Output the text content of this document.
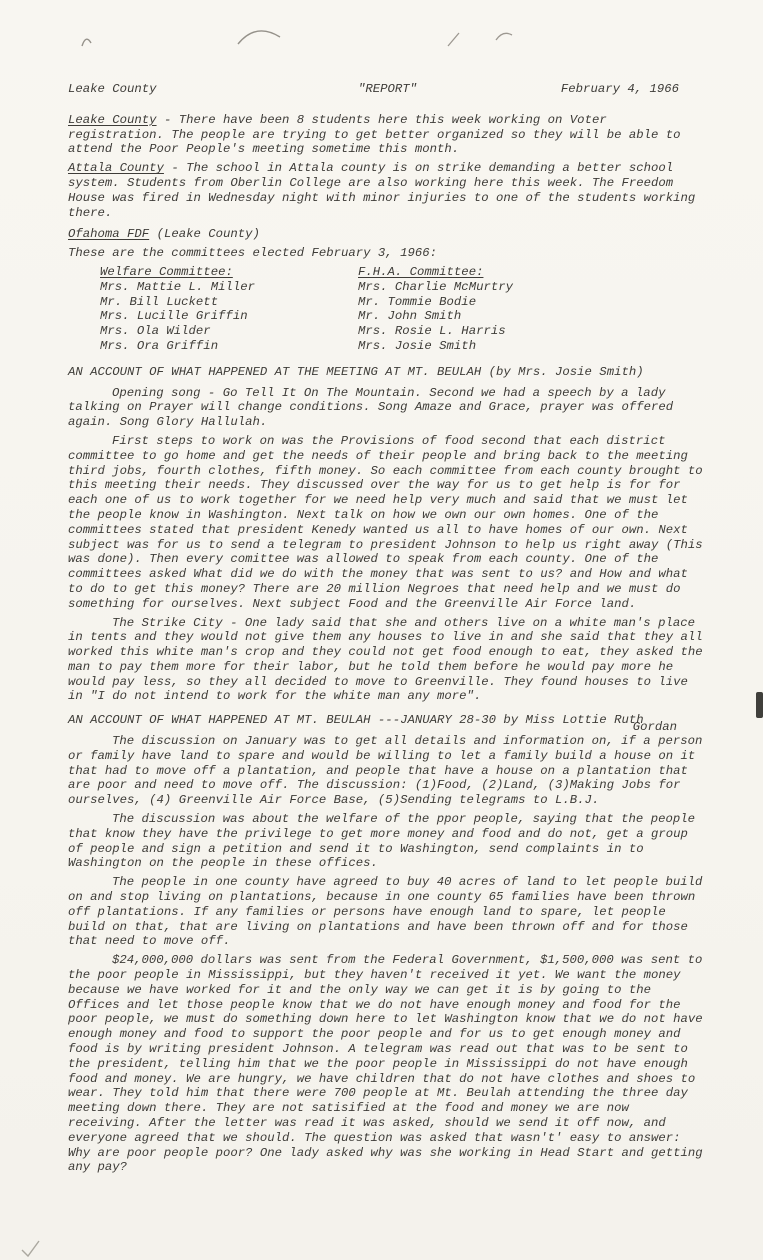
Leake County	"REPORT"	February 4, 1966

Leake County - There have been 8 students here this week working on Voter registration. The people are trying to get better organized so they will be able to attend the Poor People's meeting sometime this month.

Attala County - The school in Attala county is on strike demanding a better school system. Students from Oberlin College are also working here this week. The Freedom House was fired in Wednesday night with minor injuries to one of the students working there.

Ofahoma FDF (Leake County)

These are the committees elected February 3, 1966:

Welfare Committee:
Mrs. Mattie L. Miller
Mr. Bill Luckett
Mrs. Lucille Griffin
Mrs. Ola Wilder
Mrs. Ora Griffin
F.H.A. Committee:
Mrs. Charlie McMurtry
Mr. Tommie Bodie
Mr. John Smith
Mrs. Rosie L. Harris
Mrs. Josie Smith

AN ACCOUNT OF WHAT HAPPENED AT THE MEETING AT MT. BEULAH (by Mrs. Josie Smith)

Opening song - Go Tell It On The Mountain. Second we had a speech by a lady talking on Prayer will change conditions. Song Amaze and Grace, prayer was offered again. Song Glory Hallulah.

First steps to work on was the Provisions of food second that each district committee to go home and get the needs of their people and bring back to the meeting third jobs, fourth clothes, fifth money. So each committee from each county brought to this meeting their needs. They discussed over the way for us to get help is for for each one of us to work together for we need help very much and said that we must let the people know in Washington. Next talk on how we own our own homes. One of the committees stated that president Kenedy wanted us all to have homes of our own. Next subject was for us to send a telegram to president Johnson to help us right away (This was done). Then every comittee was allowed to speak from each county. One of the committees asked What did we do with the money that was sent to us? and How and what to do to get this money? There are 20 million Negroes that need help and we must do something for ourselves. Next subject Food and the Greenville Air Force land.

The Strike City - One lady said that she and others live on a white man's place in tents and they would not give them any houses to live in and she said that they all worked this white man's crop and they could not get food enough to eat, they asked the man to pay them more for their labor, but he told them before he would pay more he would pay less, so they all decided to move to Greenville. They found houses to live in "I do not intend to work for the white man any more".

AN ACCOUNT OF WHAT HAPPENED AT MT. BEULAH ---JANUARY 28-30 by Miss Lottie Ruth
Gordan

The discussion on January was to get all details and information on, if a person or family have land to spare and would be willing to let a family build a house on it that had to move off a plantation, and people that have a house on a plantation that are poor and need to move off. The discussion: (1)Food, (2)Land, (3)Making Jobs for ourselves, (4) Greenville Air Force Base, (5)Sending telegrams to L.B.J.

The discussion was about the welfare of the ppor people, saying that the people that know they have the privilege to get more money and food and do not, get a group of people and sign a petition and send it to Washington, send complaints in to Washington on the people in these offices.

The people in one county have agreed to buy 40 acres of land to let people build on and stop living on plantations, because in one county 65 families have been thrown off plantations. If any families or persons have enough land to spare, let people build on that, that are living on plantations and have been thrown off and for those that need to move off.

$24,000,000 dollars was sent from the Federal Government, $1,500,000 was sent to the poor people in Mississippi, but they haven't received it yet. We want the money because we have worked for it and the only way we can get it is by going to the Offices and let those people know that we do not have enough money and food for the poor people, we must do something down here to let Washington know that we do not have enough money and food to support the poor people and for us to get enough money and food is by writing president Johnson. A telegram was read out that was to be sent to the president, telling him that we the poor people in Mississippi do not have enough food and money. We are hungry, we have children that do not have clothes and shoes to wear. They told him that there were 700 people at Mt. Beulah attending the three day meeting down there. They are not satisified at the food and money we are now receiving. After the letter was read it was asked, should we send it off now, and everyone agreed that we should. The question was asked that wasn't' easy to answer: Why are poor people poor? One lady asked why was she working in Head Start and getting any pay?
